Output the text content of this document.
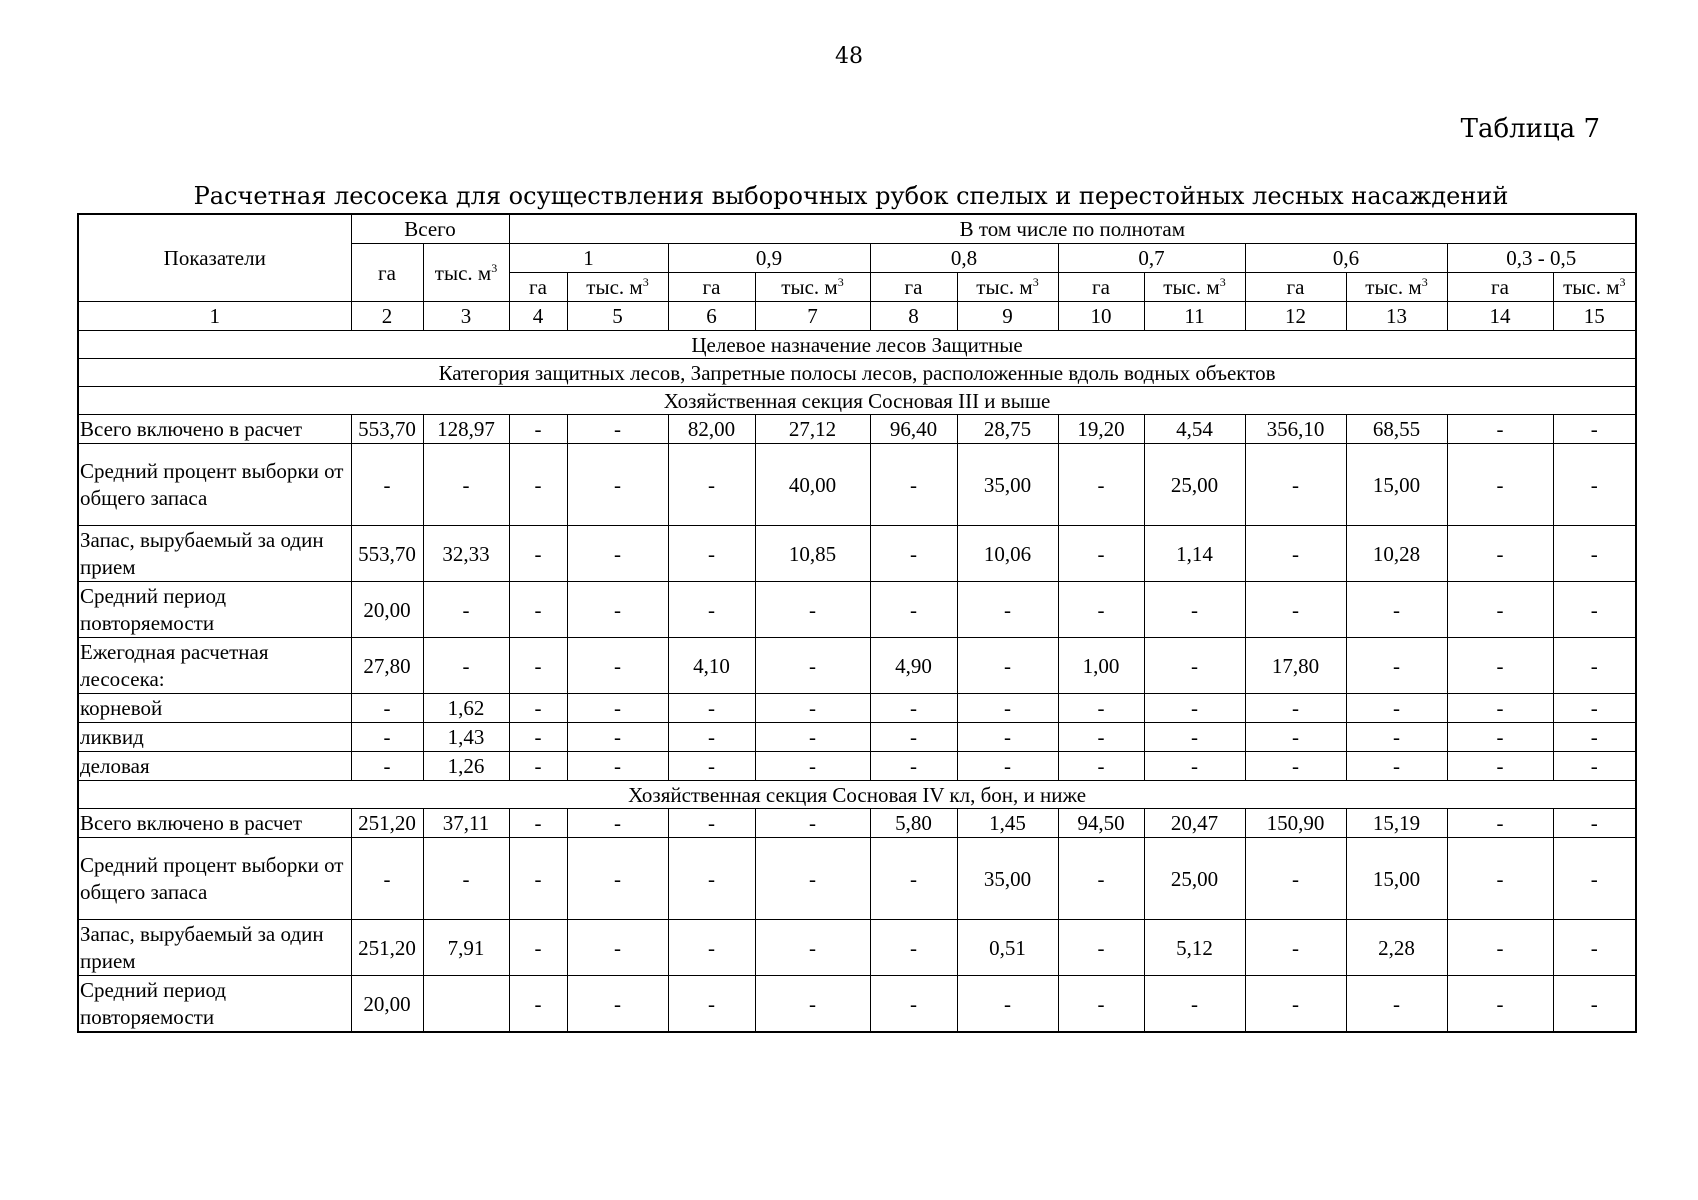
48
Таблица 7
Расчетная лесосека для осуществления выборочных рубок спелых и перестойных лесных насаждений
Показатели	Всего		В том числе по полнотам											
	га	тыс. $м^3$	1		0,9		0,8		0,7		0,6		0,3 - 0,5	
			га	тыс. $м^3$	га	тыс. $м^3$	га	тыс. $м^3$	га	тыс. $м^3$	га	тыс. $м^3$	га	тыс. $м^3$
1	2	3	4	5	6	7	8	9	10	11	12	13	14	15
Целевое назначение лесов Защитные														
Категория защитных лесов, Запретные полосы лесов, расположенные вдоль водных объектов														
Хозяйственная секция Сосновая III и выше														
Всего включено в расчет	553,70	128,97	-	-	82,00	27,12	96,40	28,75	19,20	4,54	356,10	68,55	-	-
Средний процент выборки от общего запаса	-	-	-	-	-	40,00	-	35,00	-	25,00	-	15,00	-	-
Запас, вырубаемый за один прием	553,70	32,33	-	-	-	10,85	-	10,06	-	1,14	-	10,28	-	-
Средний период повторяемости	20,00	-	-	-	-	-	-	-	-	-	-	-	-	-
Ежегодная расчетная лесосека:	27,80	-	-	-	4,10	-	4,90	-	1,00	-	17,80	-	-	-
корневой	-	1,62	-	-	-	-	-	-	-	-	-	-	-	-
ликвид	-	1,43	-	-	-	-	-	-	-	-	-	-	-	-
деловая	-	1,26	-	-	-	-	-	-	-	-	-	-	-	-
Хозяйственная секция Сосновая IV кл, бон, и ниже														
Всего включено в расчет	251,20	37,11	-	-	-	-	5,80	1,45	94,50	20,47	150,90	15,19	-	-
Средний процент выборки от общего запаса	-	-	-	-	-	-	-	35,00	-	25,00	-	15,00	-	-
Запас, вырубаемый за один прием	251,20	7,91	-	-	-	-	-	0,51	-	5,12	-	2,28	-	-
Средний период повторяемости	20,00		-	-	-	-	-	-	-	-	-	-	-	-
